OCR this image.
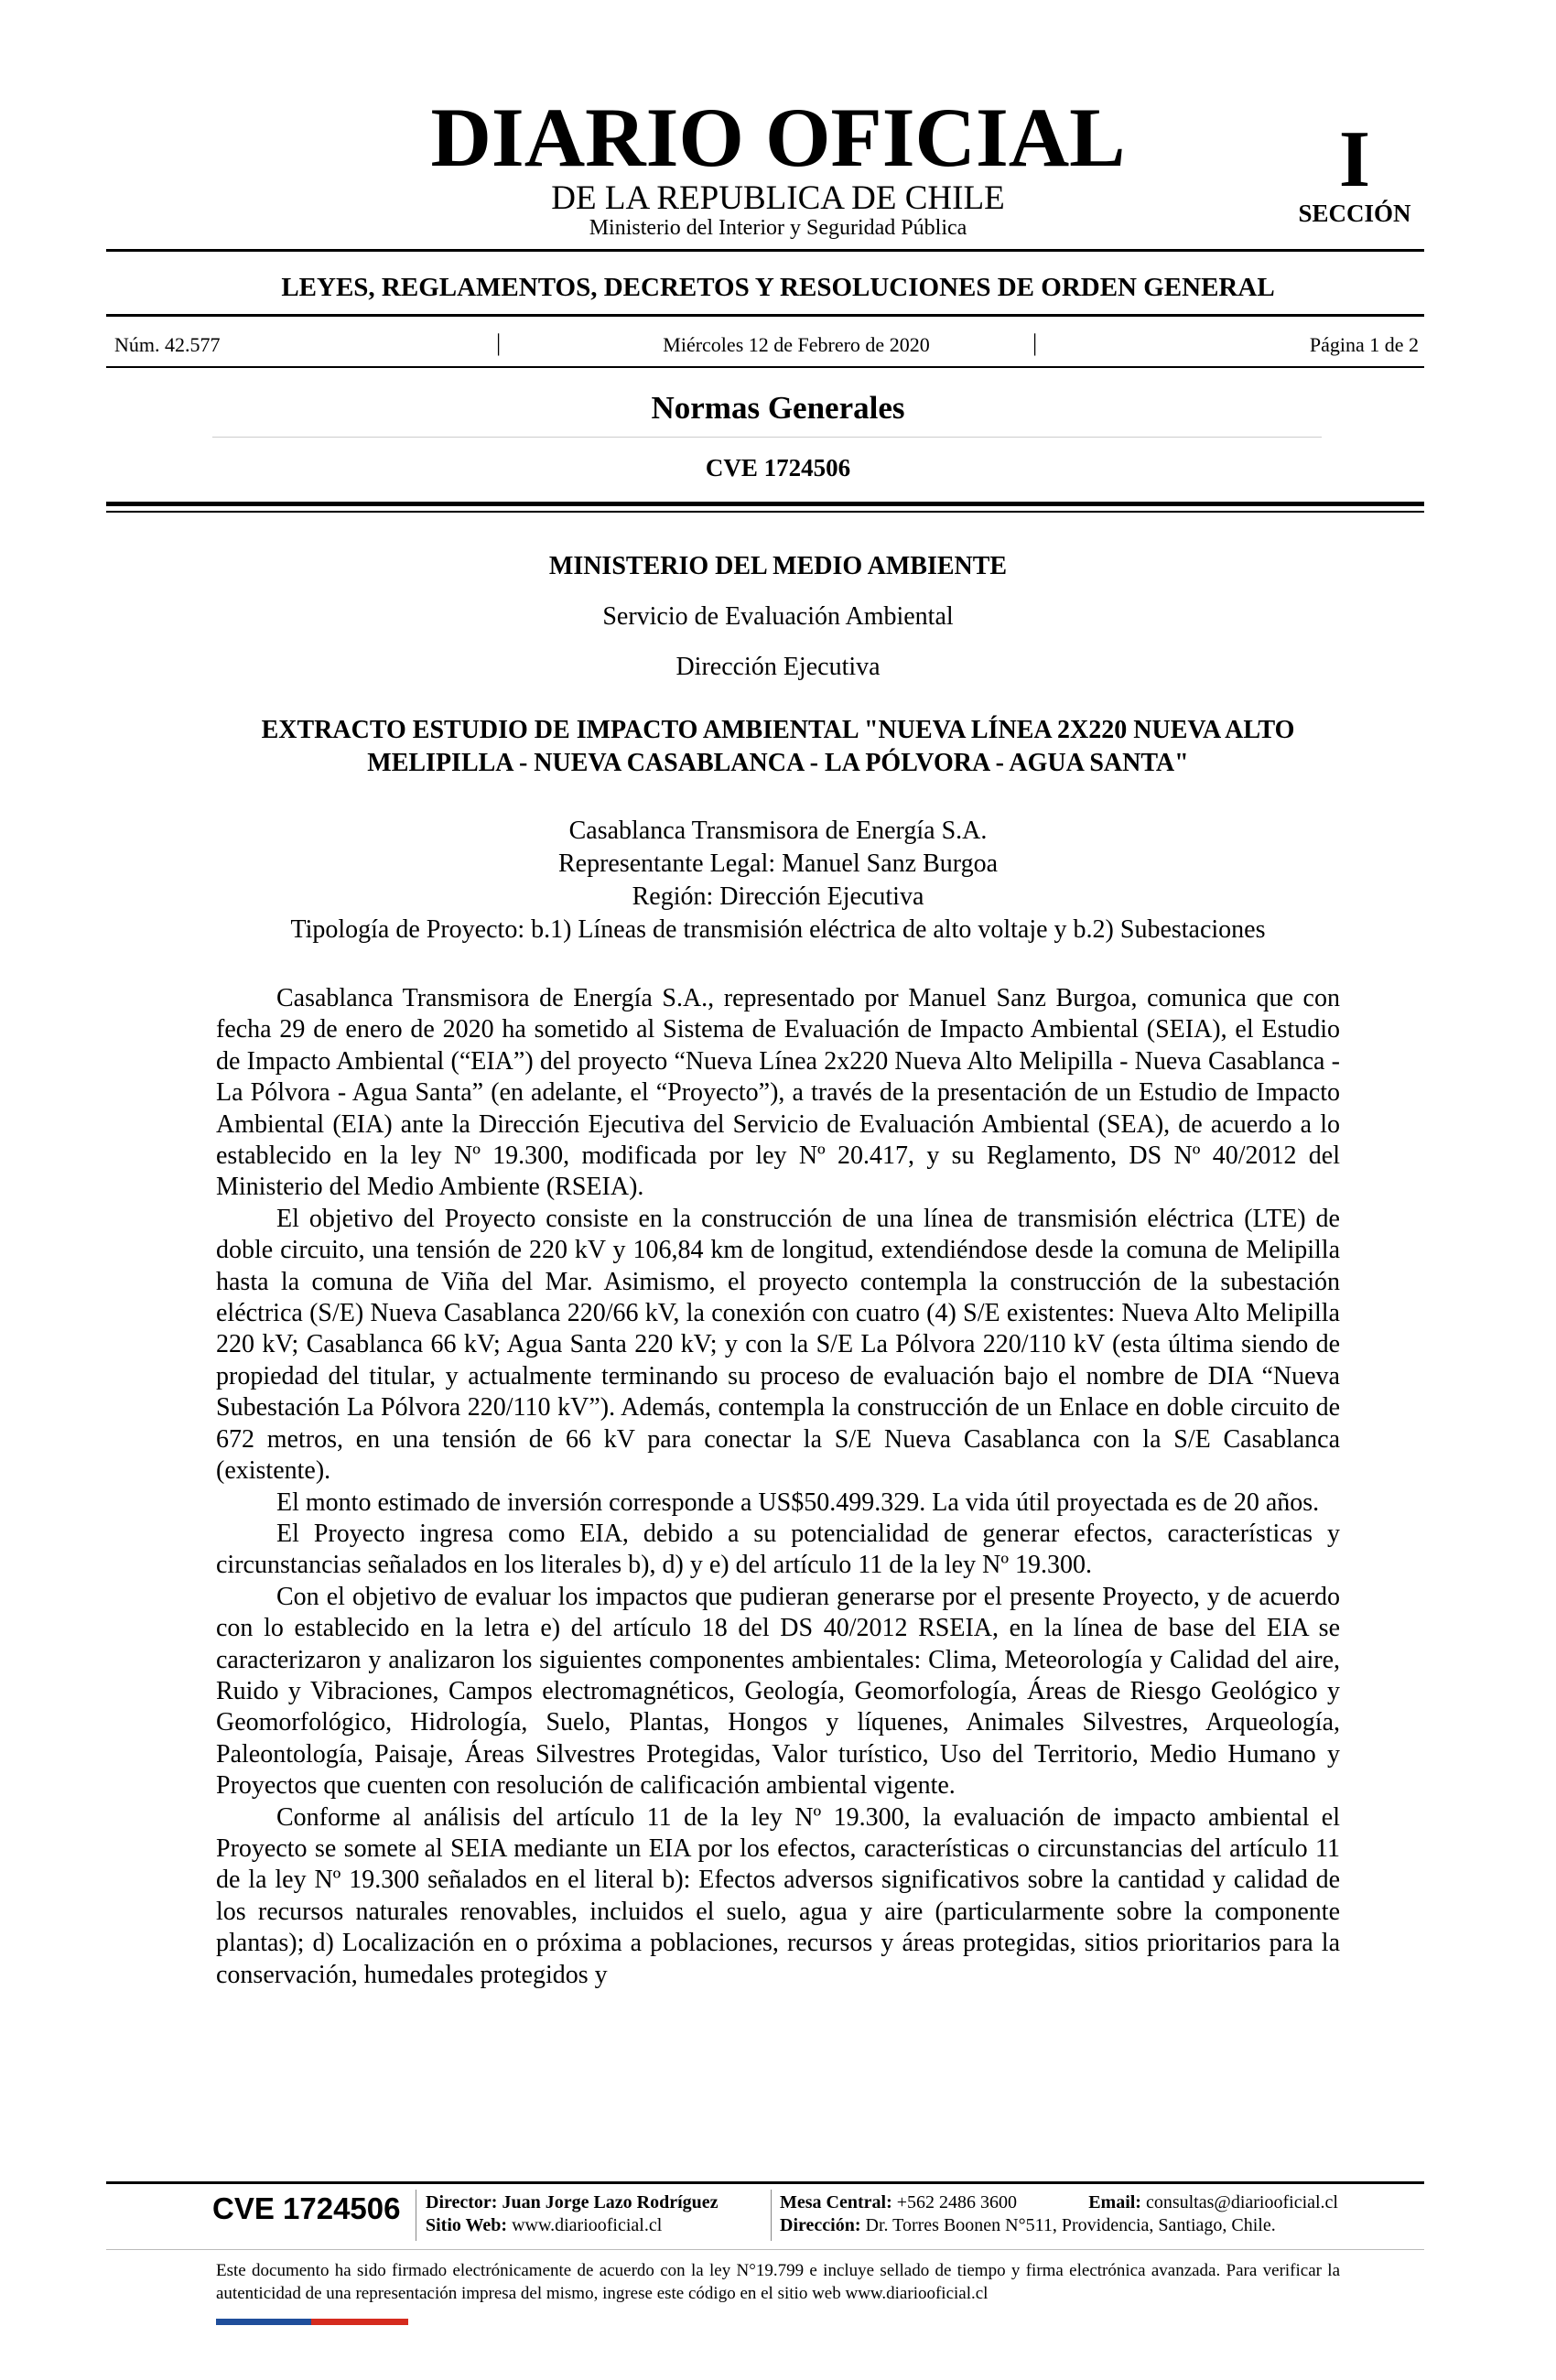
DIARIO OFICIAL
DE LA REPUBLICA DE CHILE
Ministerio del Interior y Seguridad Pública
I
SECCIÓN
LEYES, REGLAMENTOS, DECRETOS Y RESOLUCIONES DE ORDEN GENERAL
Núm. 42.577	|	Miércoles 12 de Febrero de 2020	|	Página 1 de 2
Normas Generales
CVE 1724506
MINISTERIO DEL MEDIO AMBIENTE
Servicio de Evaluación Ambiental
Dirección Ejecutiva
EXTRACTO ESTUDIO DE IMPACTO AMBIENTAL "NUEVA LÍNEA 2X220 NUEVA ALTO MELIPILLA - NUEVA CASABLANCA - LA PÓLVORA - AGUA SANTA"
Casablanca Transmisora de Energía S.A.
Representante Legal: Manuel Sanz Burgoa
Región: Dirección Ejecutiva
Tipología de Proyecto: b.1) Líneas de transmisión eléctrica de alto voltaje y b.2) Subestaciones

Casablanca Transmisora de Energía S.A., representado por Manuel Sanz Burgoa, comunica que con fecha 29 de enero de 2020 ha sometido al Sistema de Evaluación de Impacto Ambiental (SEIA), el Estudio de Impacto Ambiental (“EIA”) del proyecto “Nueva Línea 2x220 Nueva Alto Melipilla - Nueva Casablanca - La Pólvora - Agua Santa” (en adelante, el “Proyecto”), a través de la presentación de un Estudio de Impacto Ambiental (EIA) ante la Dirección Ejecutiva del Servicio de Evaluación Ambiental (SEA), de acuerdo a lo establecido en la ley Nº 19.300, modificada por ley Nº 20.417, y su Reglamento, DS Nº 40/2012 del Ministerio del Medio Ambiente (RSEIA).

El objetivo del Proyecto consiste en la construcción de una línea de transmisión eléctrica (LTE) de doble circuito, una tensión de 220 kV y 106,84 km de longitud, extendiéndose desde la comuna de Melipilla hasta la comuna de Viña del Mar. Asimismo, el proyecto contempla la construcción de la subestación eléctrica (S/E) Nueva Casablanca 220/66 kV, la conexión con cuatro (4) S/E existentes: Nueva Alto Melipilla 220 kV; Casablanca 66 kV; Agua Santa 220 kV; y con la S/E La Pólvora 220/110 kV (esta última siendo de propiedad del titular, y actualmente terminando su proceso de evaluación bajo el nombre de DIA “Nueva Subestación La Pólvora 220/110 kV”). Además, contempla la construcción de un Enlace en doble circuito de 672 metros, en una tensión de 66 kV para conectar la S/E Nueva Casablanca con la S/E Casablanca (existente).

El monto estimado de inversión corresponde a US$50.499.329. La vida útil proyectada es de 20 años.

El Proyecto ingresa como EIA, debido a su potencialidad de generar efectos, características y circunstancias señalados en los literales b), d) y e) del artículo 11 de la ley Nº 19.300.

Con el objetivo de evaluar los impactos que pudieran generarse por el presente Proyecto, y de acuerdo con lo establecido en la letra e) del artículo 18 del DS 40/2012 RSEIA, en la línea de base del EIA se caracterizaron y analizaron los siguientes componentes ambientales: Clima, Meteorología y Calidad del aire, Ruido y Vibraciones, Campos electromagnéticos, Geología, Geomorfología, Áreas de Riesgo Geológico y Geomorfológico, Hidrología, Suelo, Plantas, Hongos y líquenes, Animales Silvestres, Arqueología, Paleontología, Paisaje, Áreas Silvestres Protegidas, Valor turístico, Uso del Territorio, Medio Humano y Proyectos que cuenten con resolución de calificación ambiental vigente.

Conforme al análisis del artículo 11 de la ley Nº 19.300, la evaluación de impacto ambiental el Proyecto se somete al SEIA mediante un EIA por los efectos, características o circunstancias del artículo 11 de la ley Nº 19.300 señalados en el literal b): Efectos adversos significativos sobre la cantidad y calidad de los recursos naturales renovables, incluidos el suelo, agua y aire (particularmente sobre la componente plantas); d) Localización en o próxima a poblaciones, recursos y áreas protegidas, sitios prioritarios para la conservación, humedales protegidos y

CVE 1724506 Director: Juan Jorge Lazo Rodríguez
Sitio Web: www.diariooficial.cl
Mesa Central: +562 2486 3600	Email: consultas@diariooficial.cl
Dirección: Dr. Torres Boonen N°511, Providencia, Santiago, Chile.
Este documento ha sido firmado electrónicamente de acuerdo con la ley N°19.799 e incluye sellado de tiempo y firma electrónica avanzada. Para verificar la autenticidad de una representación impresa del mismo, ingrese este código en el sitio web www.diariooficial.cl
